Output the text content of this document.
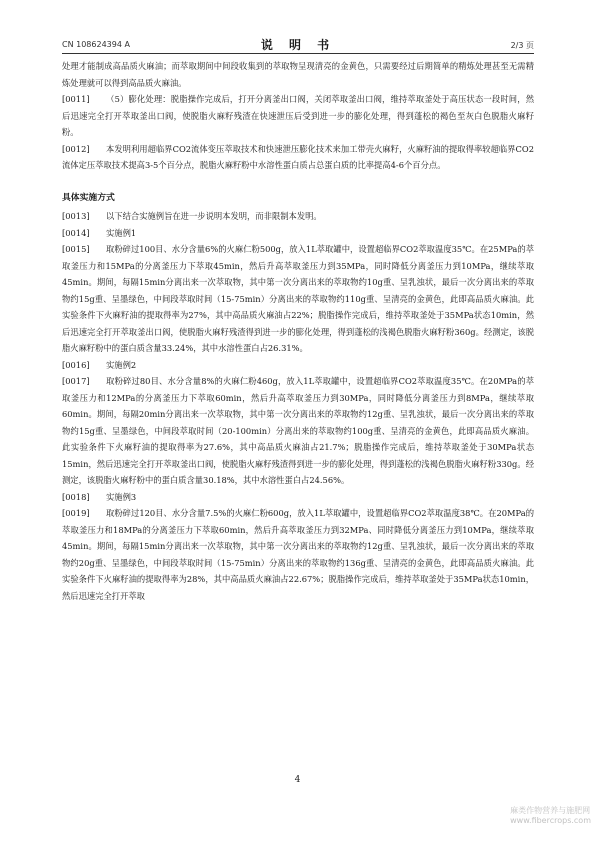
CN 108624394 A	说 明 书	2/3 页

处理才能制成高品质火麻油；而萃取期间中间段收集到的萃取物呈现清亮的金黄色，只需要经过后期简单的精炼处理甚至无需精炼处理就可以得到高品质火麻油。

[0011] （5）膨化处理：脱脂操作完成后，打开分离釜出口阀，关闭萃取釜出口阀，维持萃取釜处于高压状态一段时间，然后迅速完全打开萃取釜出口阀，使脱脂火麻籽残渣在快速泄压后受到进一步的膨化处理，得到蓬松的褐色至灰白色脱脂火麻籽粉。

[0012] 本发明利用超临界CO2流体变压萃取技术和快速泄压膨化技术来加工带壳火麻籽，火麻籽油的提取得率较超临界CO2流体定压萃取技术提高3-5个百分点，脱脂火麻籽粉中水溶性蛋白质占总蛋白质的比率提高4-6个百分点。

具体实施方式

[0013] 以下结合实施例旨在进一步说明本发明，而非限制本发明。

[0014] 实施例1

[0015] 取粉碎过100目、水分含量6%的火麻仁粉500g，放入1L萃取罐中，设置超临界CO2萃取温度35℃。在25MPa的萃取釜压力和15MPa的分离釜压力下萃取45min，然后升高萃取釜压力到35MPa，同时降低分离釜压力到10MPa，继续萃取45min。期间，每隔15min分离出来一次萃取物，其中第一次分离出来的萃取物约10g重、呈乳浊状，最后一次分离出来的萃取物约15g重、呈墨绿色，中间段萃取时间（15-75min）分离出来的萃取物约110g重、呈清亮的金黄色，此即高品质火麻油。此实验条件下火麻籽油的提取得率为27%，其中高品质火麻油占22%；脱脂操作完成后，维持萃取釜处于35MPa状态10min，然后迅速完全打开萃取釜出口阀，使脱脂火麻籽残渣得到进一步的膨化处理，得到蓬松的浅褐色脱脂火麻籽粉360g。经测定，该脱脂火麻籽粉中的蛋白质含量33.24%，其中水溶性蛋白占26.31%。

[0016] 实施例2

[0017] 取粉碎过80目、水分含量8%的火麻仁粉460g，放入1L萃取罐中，设置超临界CO2萃取温度35℃。在20MPa的萃取釜压力和12MPa的分离釜压力下萃取60min，然后升高萃取釜压力到30MPa，同时降低分离釜压力到8MPa，继续萃取60min。期间，每隔20min分离出来一次萃取物，其中第一次分离出来的萃取物约12g重、呈乳浊状，最后一次分离出来的萃取物约15g重、呈墨绿色，中间段萃取时间（20-100min）分离出来的萃取物约100g重、呈清亮的金黄色，此即高品质火麻油。此实验条件下火麻籽油的提取得率为27.6%，其中高品质火麻油占21.7%；脱脂操作完成后，维持萃取釜处于30MPa状态15min，然后迅速完全打开萃取釜出口阀，使脱脂火麻籽残渣得到进一步的膨化处理，得到蓬松的浅褐色脱脂火麻籽粉330g。经测定，该脱脂火麻籽粉中的蛋白质含量30.18%，其中水溶性蛋白占24.56%。

[0018] 实施例3

[0019] 取粉碎过120目、水分含量7.5%的火麻仁粉600g，放入1L萃取罐中，设置超临界CO2萃取温度38℃。在20MPa的萃取釜压力和18MPa的分离釜压力下萃取60min，然后升高萃取釜压力到32MPa、同时降低分离釜压力到10MPa，继续萃取45min。期间，每隔15min分离出来一次萃取物，其中第一次分离出来的萃取物约12g重、呈乳浊状，最后一次分离出来的萃取物约20g重、呈墨绿色，中间段萃取时间（15-75min）分离出来的萃取物约136g重、呈清亮的金黄色，此即高品质火麻油。此实验条件下火麻籽油的提取得率为28%，其中高品质火麻油占22.67%；脱脂操作完成后，维持萃取釜处于35MPa状态10min，然后迅速完全打开萃取

4
麻类作物营养与施肥网
www.fibercrops.com
